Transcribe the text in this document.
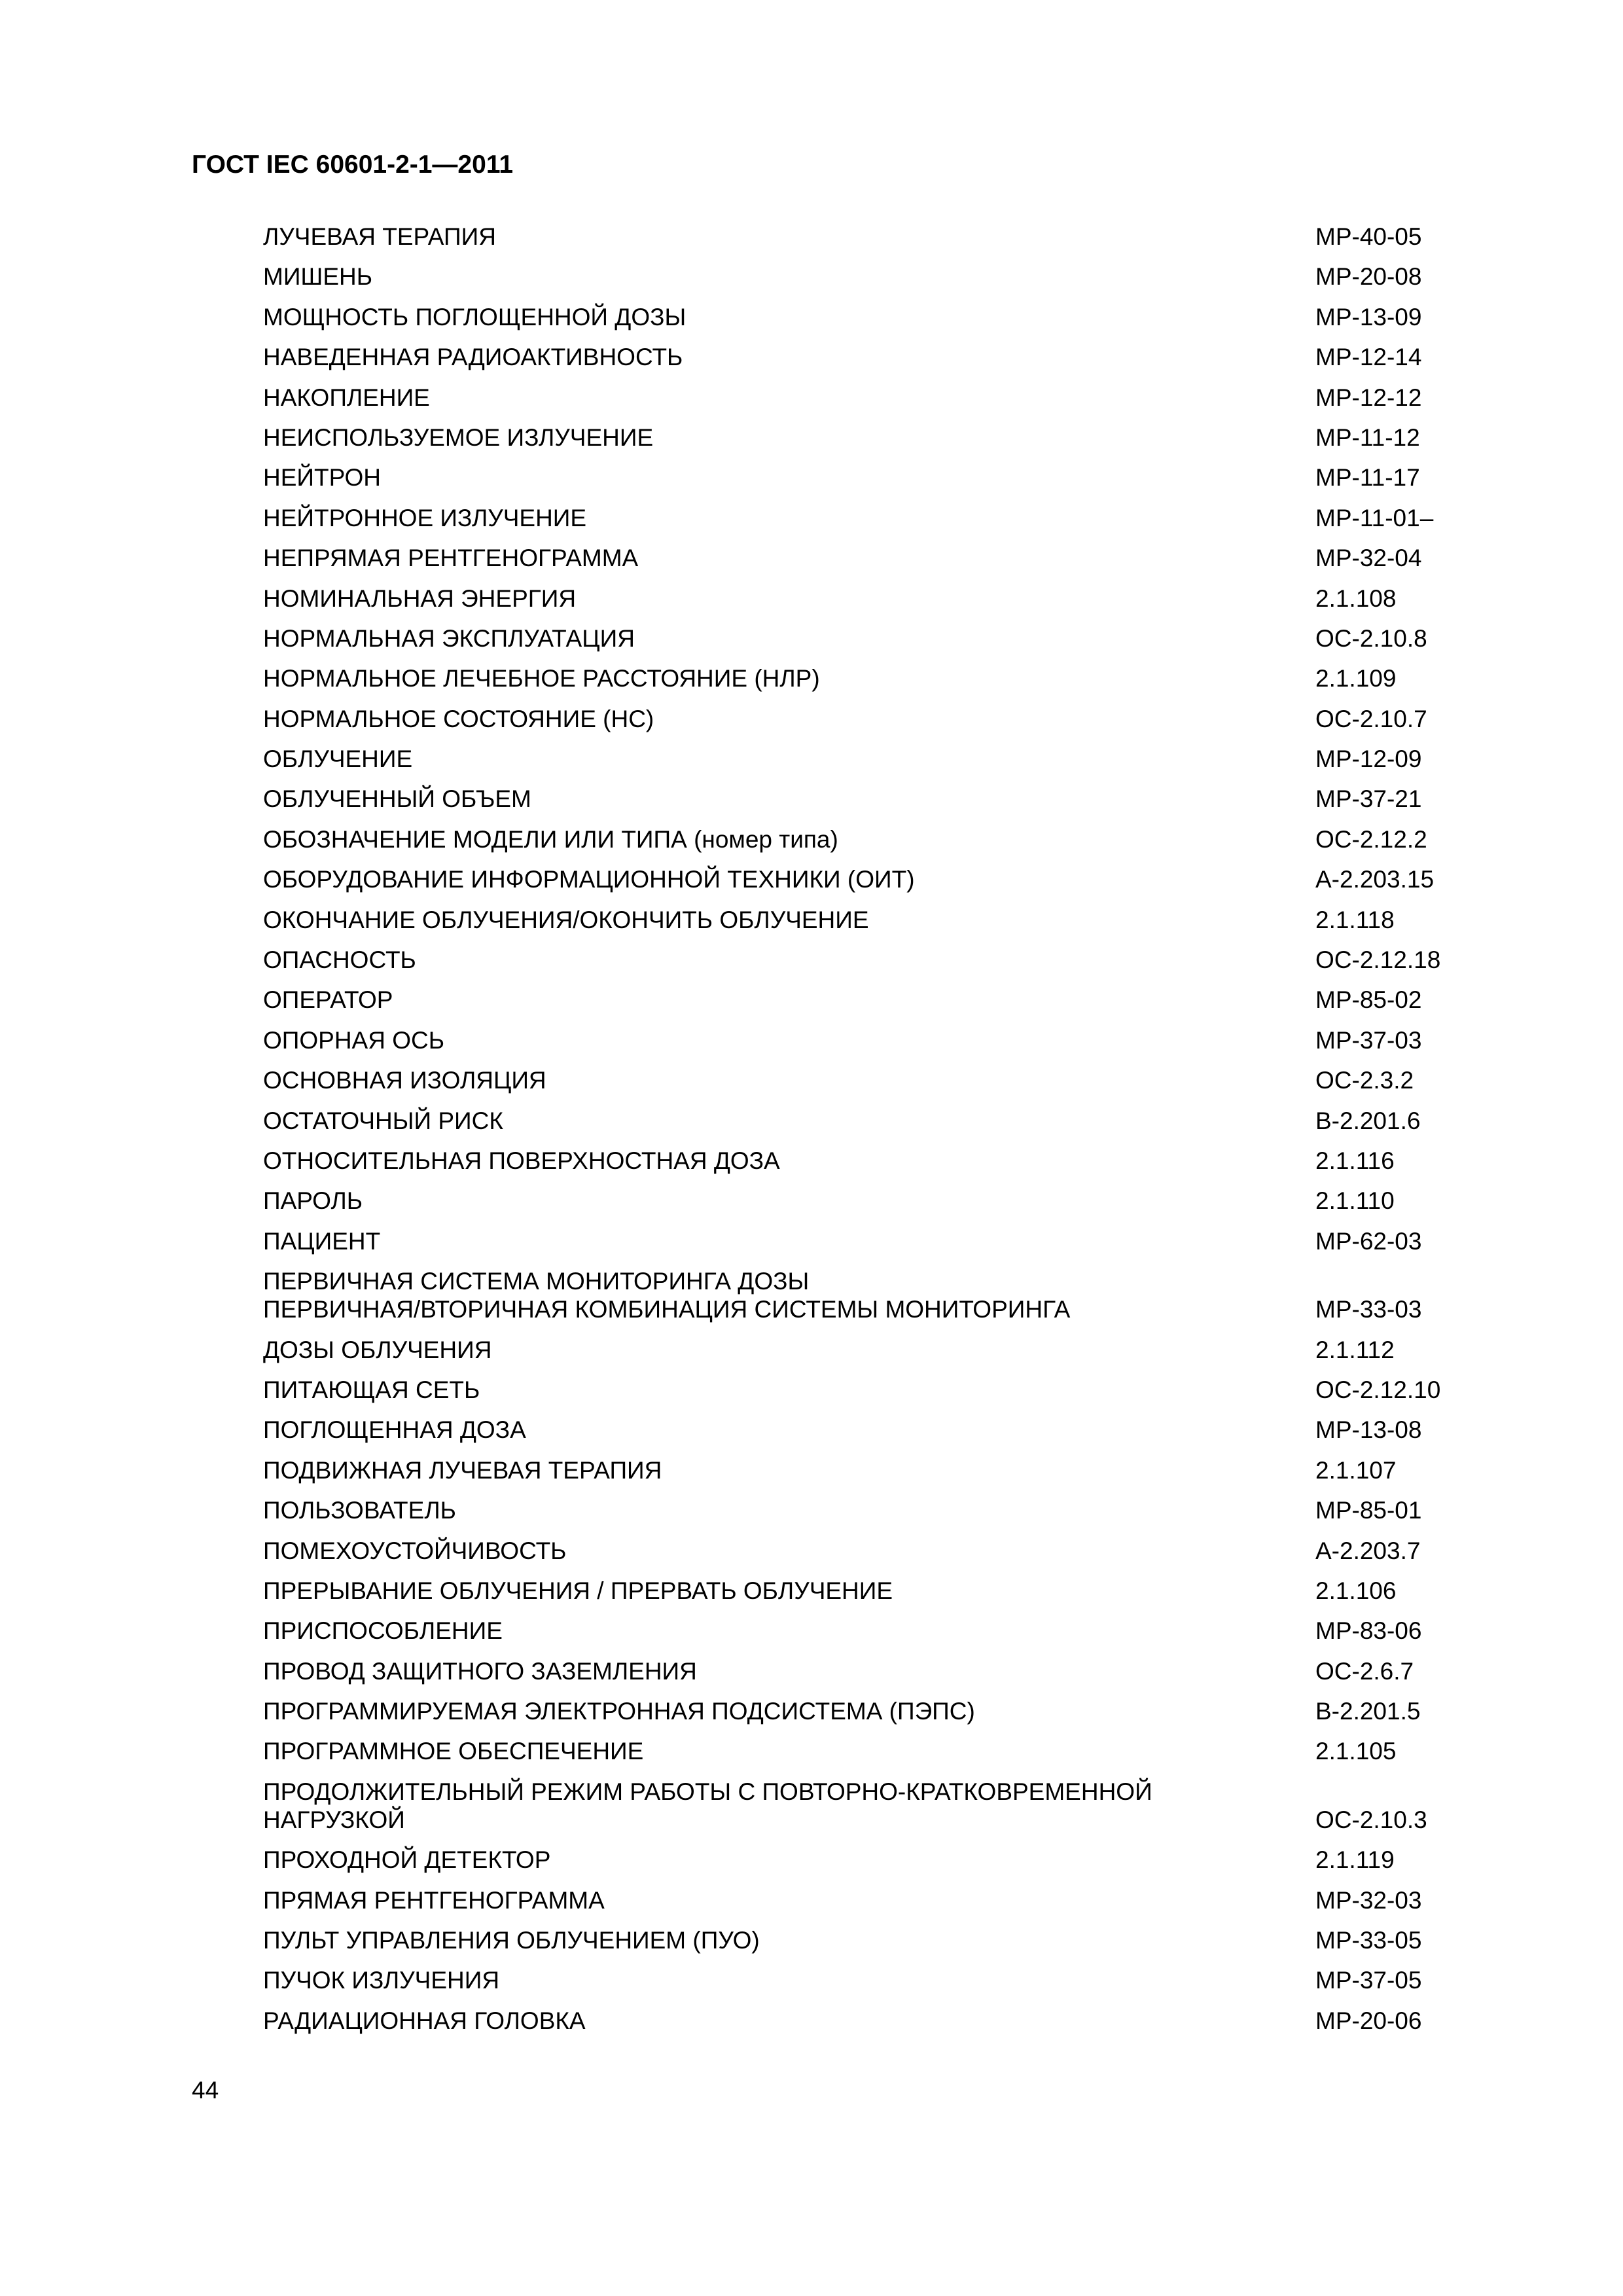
ГОСТ IEC 60601-2-1—2011
ЛУЧЕВАЯ ТЕРАПИЯ	МР-40-05
МИШЕНЬ	МР-20-08
МОЩНОСТЬ ПОГЛОЩЕННОЙ ДОЗЫ	МР-13-09
НАВЕДЕННАЯ РАДИОАКТИВНОСТЬ	МР-12-14
НАКОПЛЕНИЕ	МР-12-12
НЕИСПОЛЬЗУЕМОЕ ИЗЛУЧЕНИЕ	МР-11-12
НЕЙТРОН	МР-11-17
НЕЙТРОННОЕ ИЗЛУЧЕНИЕ	МР-11-01–
НЕПРЯМАЯ РЕНТГЕНОГРАММА	МР-32-04
НОМИНАЛЬНАЯ ЭНЕРГИЯ	2.1.108
НОРМАЛЬНАЯ ЭКСПЛУАТАЦИЯ	ОС-2.10.8
НОРМАЛЬНОЕ ЛЕЧЕБНОЕ РАССТОЯНИЕ (НЛР)	2.1.109
НОРМАЛЬНОЕ СОСТОЯНИЕ (НС)	ОС-2.10.7
ОБЛУЧЕНИЕ	МР-12-09
ОБЛУЧЕННЫЙ ОБЪЕМ	МР-37-21
ОБОЗНАЧЕНИЕ МОДЕЛИ ИЛИ ТИПА (номер типа)	ОС-2.12.2
ОБОРУДОВАНИЕ ИНФОРМАЦИОННОЙ ТЕХНИКИ (ОИТ)	А-2.203.15
ОКОНЧАНИЕ ОБЛУЧЕНИЯ/ОКОНЧИТЬ ОБЛУЧЕНИЕ	2.1.118
ОПАСНОСТЬ	ОС-2.12.18
ОПЕРАТОР	МР-85-02
ОПОРНАЯ ОСЬ	МР-37-03
ОСНОВНАЯ ИЗОЛЯЦИЯ	ОС-2.3.2
ОСТАТОЧНЫЙ РИСК	В-2.201.6
ОТНОСИТЕЛЬНАЯ ПОВЕРХНОСТНАЯ ДОЗА	2.1.116
ПАРОЛЬ	2.1.110
ПАЦИЕНТ	МР-62-03
ПЕРВИЧНАЯ СИСТЕМА МОНИТОРИНГА ДОЗЫ
ПЕРВИЧНАЯ/ВТОРИЧНАЯ КОМБИНАЦИЯ СИСТЕМЫ МОНИТОРИНГА	МР-33-03
ДОЗЫ ОБЛУЧЕНИЯ	2.1.112
ПИТАЮЩАЯ СЕТЬ	ОС-2.12.10
ПОГЛОЩЕННАЯ ДОЗА	МР-13-08
ПОДВИЖНАЯ ЛУЧЕВАЯ ТЕРАПИЯ	2.1.107
ПОЛЬЗОВАТЕЛЬ	МР-85-01
ПОМЕХОУСТОЙЧИВОСТЬ	А-2.203.7
ПРЕРЫВАНИЕ ОБЛУЧЕНИЯ / ПРЕРВАТЬ ОБЛУЧЕНИЕ	2.1.106
ПРИСПОСОБЛЕНИЕ	МР-83-06
ПРОВОД ЗАЩИТНОГО ЗАЗЕМЛЕНИЯ	ОС-2.6.7
ПРОГРАММИРУЕМАЯ ЭЛЕКТРОННАЯ ПОДСИСТЕМА (ПЭПС)	В-2.201.5
ПРОГРАММНОЕ ОБЕСПЕЧЕНИЕ	2.1.105
ПРОДОЛЖИТЕЛЬНЫЙ РЕЖИМ РАБОТЫ С ПОВТОРНО-КРАТКОВРЕМЕННОЙ
НАГРУЗКОЙ	ОС-2.10.3
ПРОХОДНОЙ ДЕТЕКТОР	2.1.119
ПРЯМАЯ РЕНТГЕНОГРАММА	МР-32-03
ПУЛЬТ УПРАВЛЕНИЯ ОБЛУЧЕНИЕМ (ПУО)	МР-33-05
ПУЧОК ИЗЛУЧЕНИЯ	МР-37-05
РАДИАЦИОННАЯ ГОЛОВКА	МР-20-06
44
